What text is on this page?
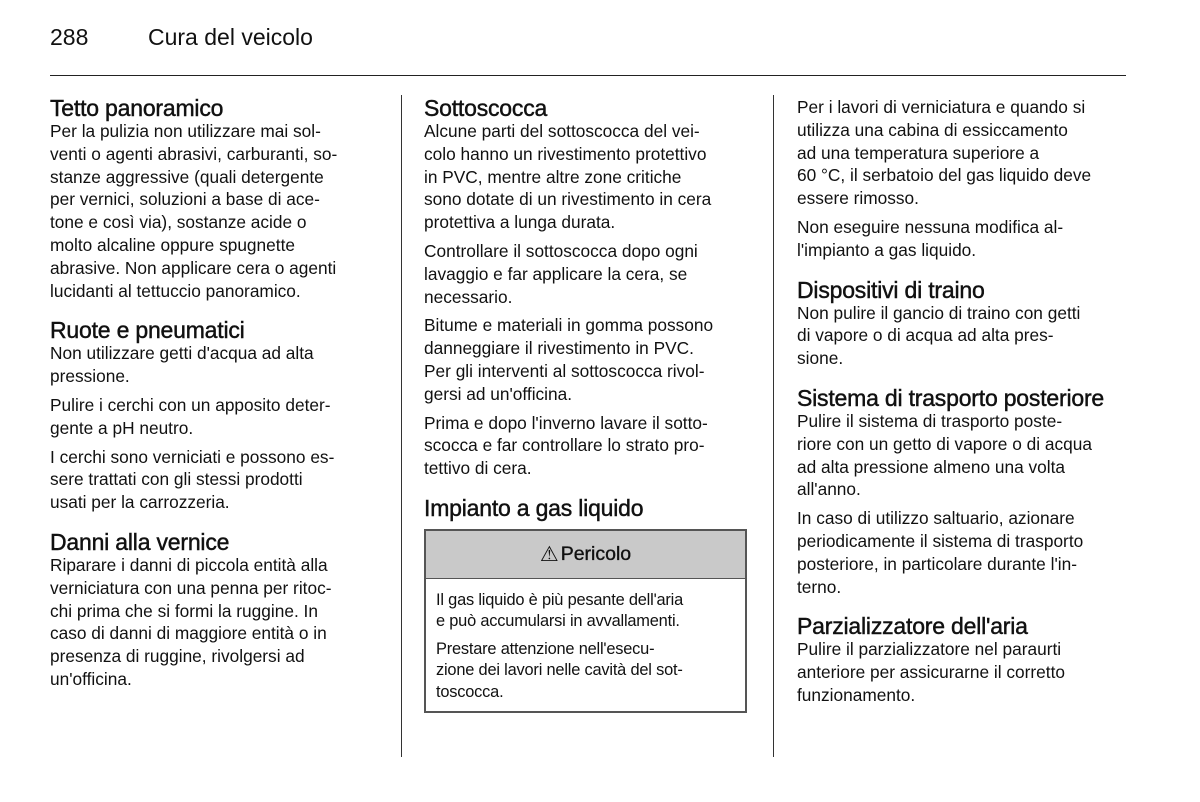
288	Cura del veicolo
Tetto panoramico

Per la pulizia non utilizzare mai sol-
venti o agenti abrasivi, carburanti, so-
stanze aggressive (quali detergente
per vernici, soluzioni a base di ace-
tone e così via), sostanze acide o
molto alcaline oppure spugnette
abrasive. Non applicare cera o agenti
lucidanti al tettuccio panoramico.

Ruote e pneumatici

Non utilizzare getti d'acqua ad alta
pressione.

Pulire i cerchi con un apposito deter-
gente a pH neutro.

I cerchi sono verniciati e possono es-
sere trattati con gli stessi prodotti
usati per la carrozzeria.

Danni alla vernice

Riparare i danni di piccola entità alla
verniciatura con una penna per ritoc-
chi prima che si formi la ruggine. In
caso di danni di maggiore entità o in
presenza di ruggine, rivolgersi ad
un'officina.

Sottoscocca

Alcune parti del sottoscocca del vei-
colo hanno un rivestimento protettivo
in PVC, mentre altre zone critiche
sono dotate di un rivestimento in cera
protettiva a lunga durata.

Controllare il sottoscocca dopo ogni
lavaggio e far applicare la cera, se
necessario.

Bitume e materiali in gomma possono
danneggiare il rivestimento in PVC.
Per gli interventi al sottoscocca rivol-
gersi ad un'officina.

Prima e dopo l'inverno lavare il sotto-
scocca e far controllare lo strato pro-
tettivo di cera.

Impianto a gas liquido
⚠ Pericolo

Il gas liquido è più pesante dell'aria
e può accumularsi in avvallamenti.

Prestare attenzione nell'esecu-
zione dei lavori nelle cavità del sot-
toscocca.

Per i lavori di verniciatura e quando si
utilizza una cabina di essiccamento
ad una temperatura superiore a
60 °C, il serbatoio del gas liquido deve
essere rimosso.

Non eseguire nessuna modifica al-
l'impianto a gas liquido.

Dispositivi di traino

Non pulire il gancio di traino con getti
di vapore o di acqua ad alta pres-
sione.

Sistema di trasporto posteriore

Pulire il sistema di trasporto poste-
riore con un getto di vapore o di acqua
ad alta pressione almeno una volta
all'anno.

In caso di utilizzo saltuario, azionare
periodicamente il sistema di trasporto
posteriore, in particolare durante l'in-
terno.

Parzializzatore dell'aria

Pulire il parzializzatore nel paraurti
anteriore per assicurarne il corretto
funzionamento.
